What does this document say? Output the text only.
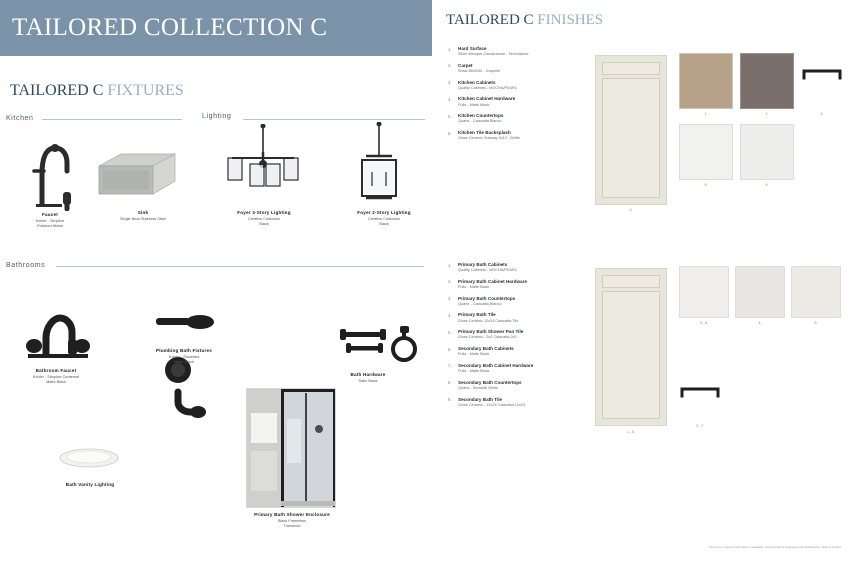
TAILORED COLLECTION C
TAILORED C FIXTURES
Kitchen	Lighting
Bathrooms
Faucet
Kohler - Simplice
Polished Nickel
Sink
Single Bowl Stainless Steel
Foyer 3-Story Lighting
Creative Collection
Black
Foyer 2-Story Lighting
Creative Collection
Black
Bathroom Faucet
Kohler - Simplice Centerset
Matte Black
Plumbing Bath Fixtures
Kohler - Showhea
Matte Black
Bath Hardware
Satin Black
Bath Vanity Lighting
Primary Bath Shower Enclosure
Black Frameless
Threshold
TAILORED C FINISHES
1.	Hard Surface
Silver Whisper Caesarstone - Technistone
2.	Carpet
Shaw 8840/00 - Graphite
3.	Kitchen Cabinets
Quality Cabinets - MOCHA/PEARL
4.	Kitchen Cabinet Hardware
Pulls - Matte Black
5.	Kitchen Countertops
Quartz - Calacatta Bianco
6.	Kitchen Tile Backsplash
Gloss Ceramic Subway 3x12 - White
3.
1.	2.	4.
5.	6.
1.	Primary Bath Cabinets
Quality Cabinets - MOCHA/PEARL
2.	Primary Bath Cabinet Hardware
Pulls - Matte Black
3.	Primary Bath Countertops
Quartz - Calacatta Bianco
4.	Primary Bath Tile
Gloss Ceramic 12x24 Calacatta Tile
5.	Primary Bath Shower Pan Tile
Gloss Ceramic - 2x2 Calacatta 2x2
6.	Secondary Bath Cabinets
Pulls - Matte Black
7.	Secondary Bath Cabinet Hardware
Pulls - Matte Black
8.	Secondary Bath Countertops
Quartz - Snowfall White
9.	Secondary Bath Tile
Gloss Ceramic - 12x24 Calacatta 12x24
1., 6.
3., 8.	4.	5.
2., 7.
*At a time or sample information unavailable, products will be analogous with similar/better value of product.
